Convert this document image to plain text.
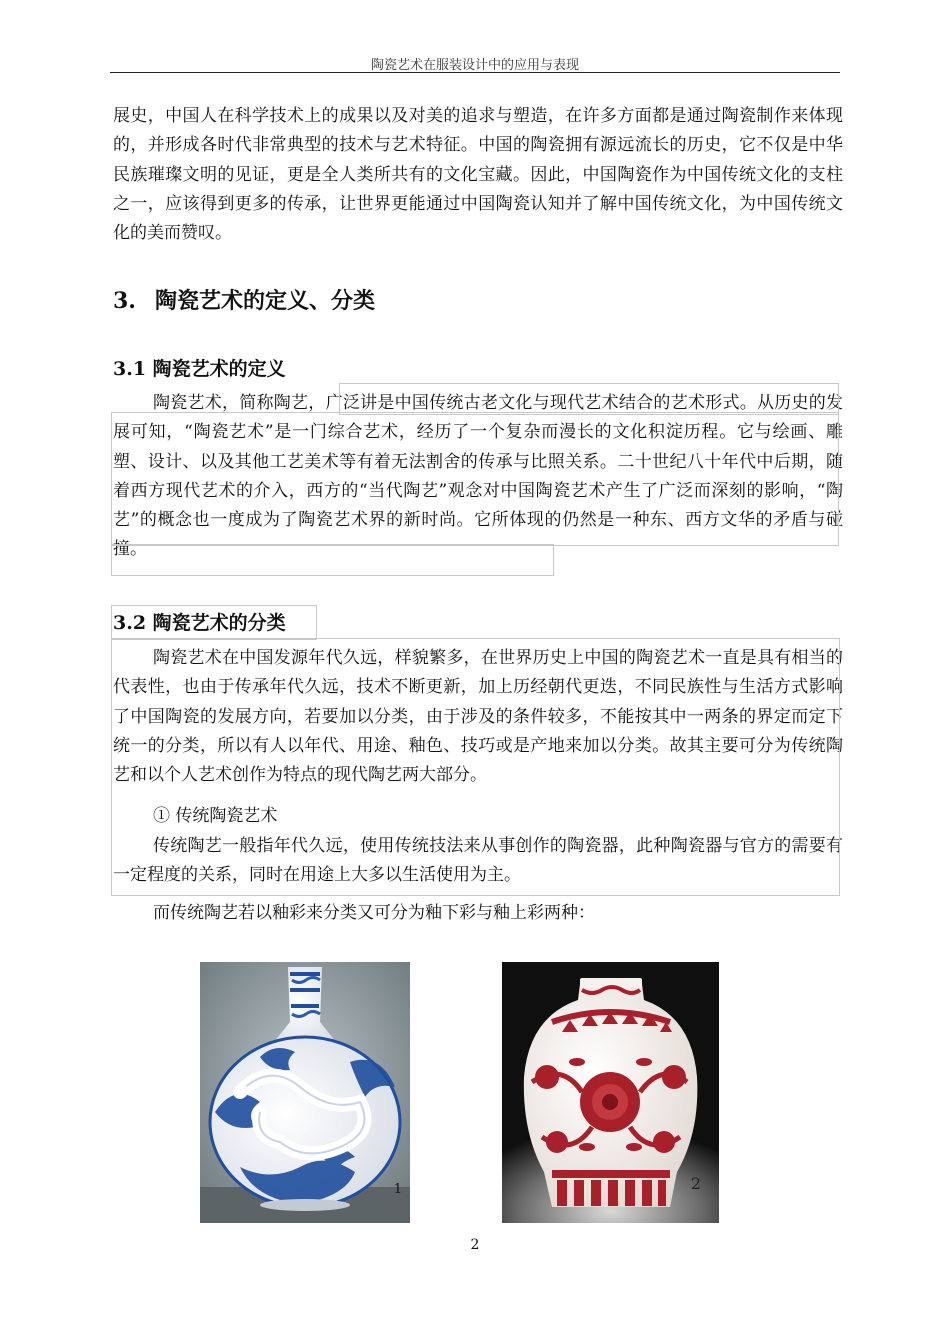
陶瓷艺术在服装设计中的应用与表现

展史，中国人在科学技术上的成果以及对美的追求与塑造，在许多方面都是通过陶瓷制作来体现的，并形成各时代非常典型的技术与艺术特征。中国的陶瓷拥有源远流长的历史，它不仅是中华民族璀璨文明的见证，更是全人类所共有的文化宝藏。因此，中国陶瓷作为中国传统文化的支柱之一，应该得到更多的传承，让世界更能通过中国陶瓷认知并了解中国传统文化，为中国传统文化的美而赞叹。

3. 陶瓷艺术的定义、分类
3.1 陶瓷艺术的定义

陶瓷艺术，简称陶艺，广泛讲是中国传统古老文化与现代艺术结合的艺术形式。从历史的发展可知，“陶瓷艺术”是一门综合艺术，经历了一个复杂而漫长的文化积淀历程。它与绘画、雕塑、设计、以及其他工艺美术等有着无法割舍的传承与比照关系。二十世纪八十年代中后期，随着西方现代艺术的介入，西方的“当代陶艺”观念对中国陶瓷艺术产生了广泛而深刻的影响，“陶艺”的概念也一度成为了陶瓷艺术界的新时尚。它所体现的仍然是一种东、西方文华的矛盾与碰撞。

3.2 陶瓷艺术的分类

陶瓷艺术在中国发源年代久远，样貌繁多，在世界历史上中国的陶瓷艺术一直是具有相当的代表性，也由于传承年代久远，技术不断更新，加上历经朝代更迭，不同民族性与生活方式影响了中国陶瓷的发展方向，若要加以分类，由于涉及的条件较多，不能按其中一两条的界定而定下统一的分类，所以有人以年代、用途、釉色、技巧或是产地来加以分类。故其主要可分为传统陶艺和以个人艺术创作为特点的现代陶艺两大部分。

① 传统陶瓷艺术

传统陶艺一般指年代久远，使用传统技法来从事创作的陶瓷器，此种陶瓷器与官方的需要有一定程度的关系，同时在用途上大多以生活使用为主。

而传统陶艺若以釉彩来分类又可分为釉下彩与釉上彩两种：

1	2
2
